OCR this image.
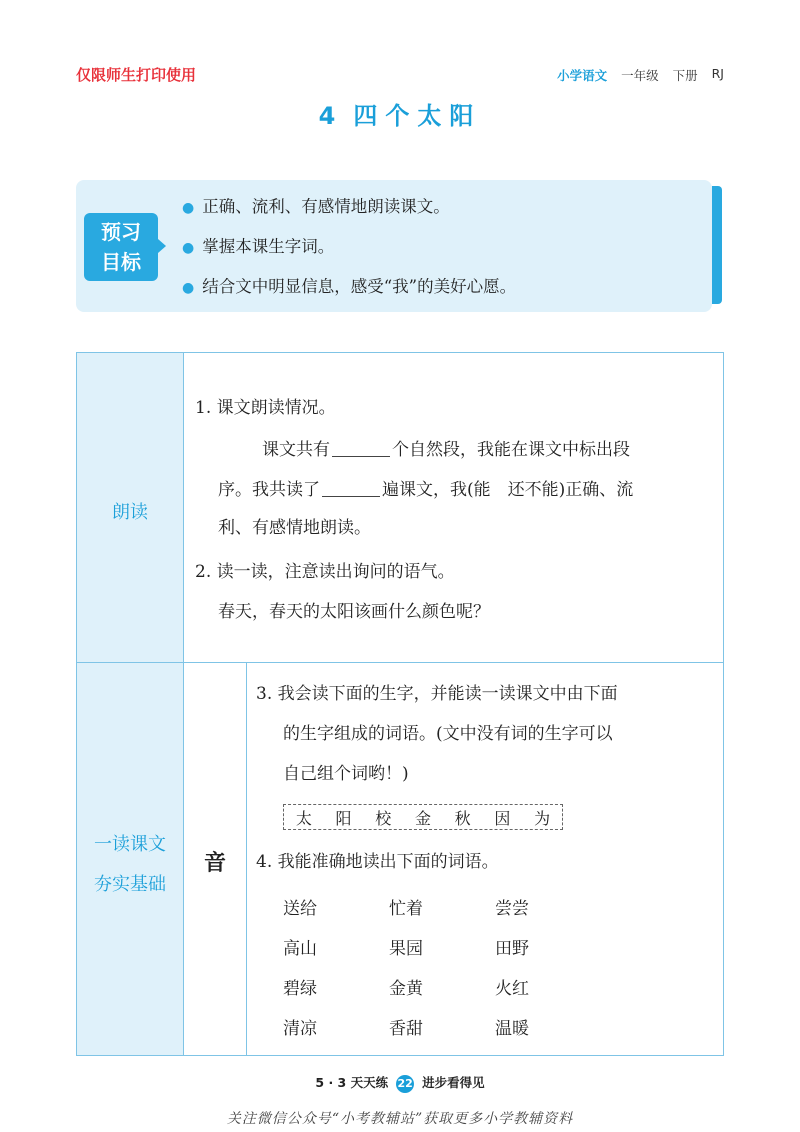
仅限师生打印使用	小学语文 一年级 下册 RJ
4 四个太阳
预习
目标
● 正确、流利、有感情地朗读课文。
● 掌握本课生字词。
● 结合文中明显信息，感受“我”的美好心愿。
朗读
1. 课文朗读情况。
课文共有	个自然段，我能在课文中标出段
序。我共读了	遍课文，我(能　还不能)正确、流
利、有感情地朗读。
2. 读一读，注意读出询问的语气。
春天，春天的太阳该画什么颜色呢？
一读课文
夯实基础
音
3. 我会读下面的生字，并能读一读课文中由下面
的生字组成的词语。(文中没有词的生字可以
自己组个词哟！)
太 阳 校 金 秋 因 为
4. 我能准确地读出下面的词语。
送给	忙着	尝尝
高山	果园	田野
碧绿	金黄	火红
清凉	香甜	温暖
5 · 3 天天练 22 进步看得见
关注微信公众号“小考教辅站”获取更多小学教辅资料
